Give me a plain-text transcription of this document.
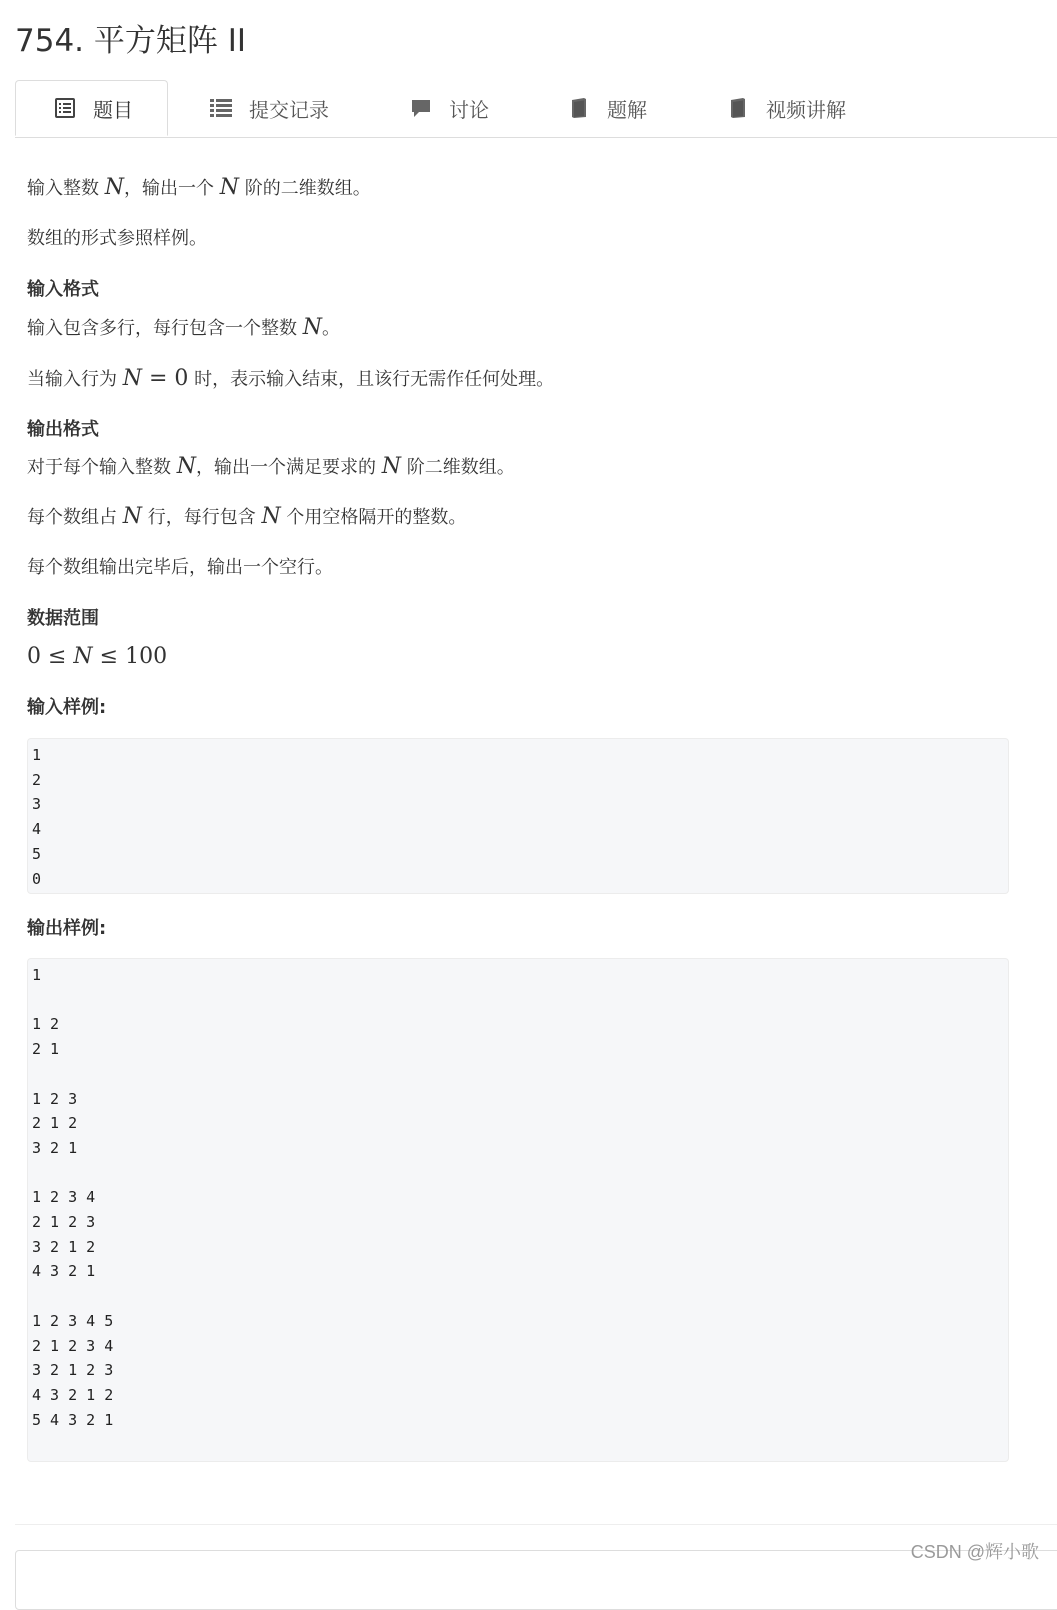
754. 平方矩阵 II
题目	提交记录	讨论	题解	视频讲解
输入整数 N，输出一个 N 阶的二维数组。
数组的形式参照样例。
输入格式
输入包含多行，每行包含一个整数 N。
当输入行为 N = 0 时，表示输入结束，且该行无需作任何处理。
输出格式
对于每个输入整数 N，输出一个满足要求的 N 阶二维数组。
每个数组占 N 行，每行包含 N 个用空格隔开的整数。
每个数组输出完毕后，输出一个空行。
数据范围
0 ≤ N ≤ 100
输入样例:
1
2
3
4
5
0
输出样例:
1

1 2
2 1

1 2 3
2 1 2
3 2 1

1 2 3 4
2 1 2 3
3 2 1 2
4 3 2 1

1 2 3 4 5
2 1 2 3 4
3 2 1 2 3
4 3 2 1 2
5 4 3 2 1
CSDN @辉小歌
